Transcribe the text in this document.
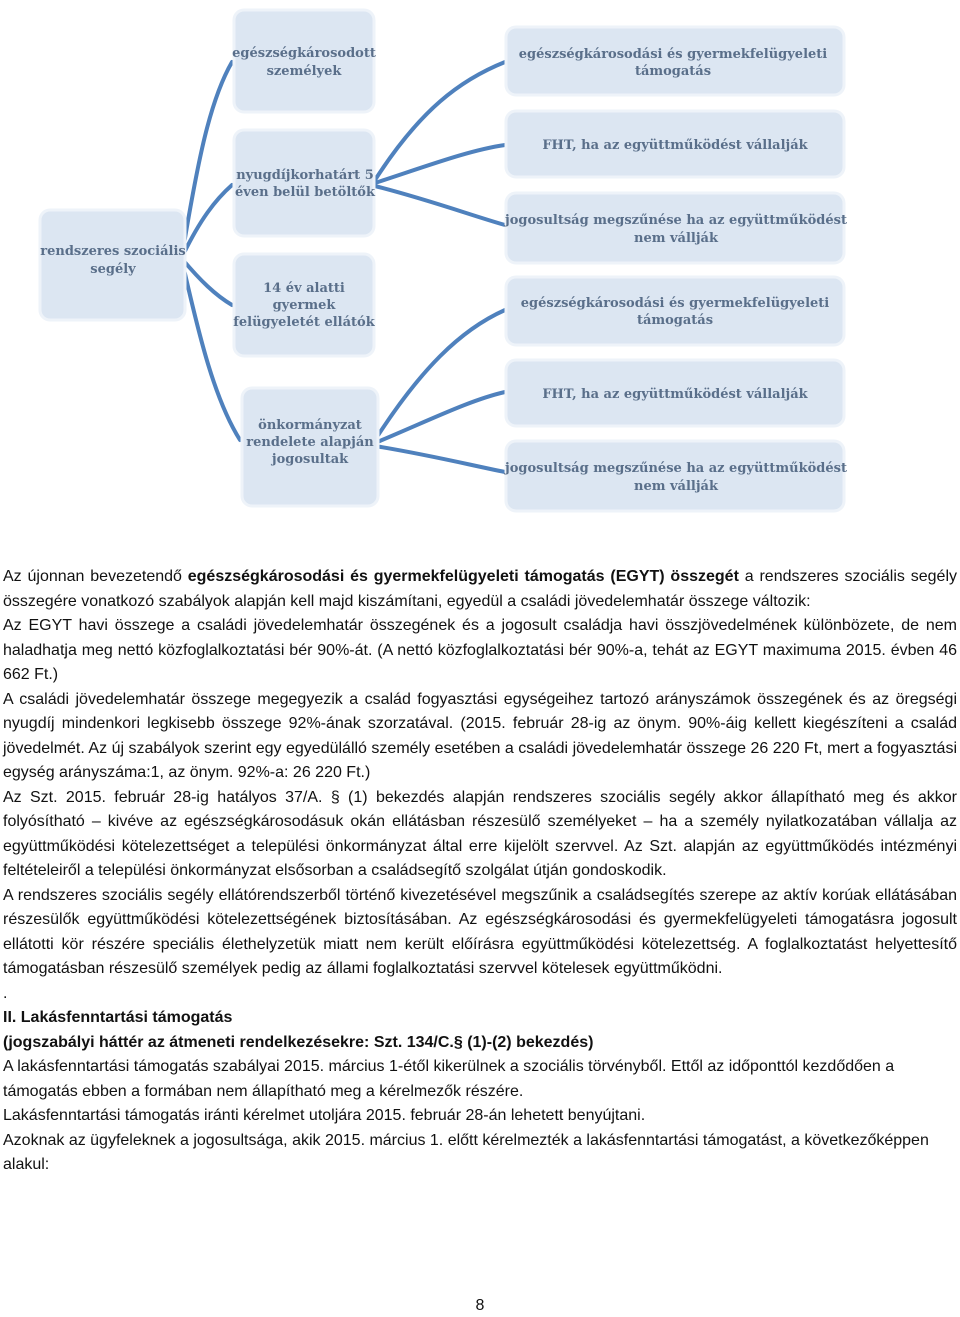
rendszeres szociális
segély
egészségkárosodott
személyek
nyugdíjkorhatárt 5
éven belül betöltők
14 év alatti
gyermek
felügyeletét ellátók
önkormányzat
rendelete alapján
jogosultak
egészségkárosodási és gyermekfelügyeleti
támogatás
FHT, ha az együttműködést vállalják
jogosultság megszűnése ha az együttműködést
nem vállják
egészségkárosodási és gyermekfelügyeleti
támogatás
FHT, ha az együttműködést vállalják
jogosultság megszűnése ha az együttműködést
nem vállják

Az újonnan bevezetendő egészségkárosodási és gyermekfelügyeleti támogatás (EGYT) összegét a rendszeres szociális segély összegére vonatkozó szabályok alapján kell majd kiszámítani, egyedül a családi jövedelemhatár összege változik:

Az EGYT havi összege a családi jövedelemhatár összegének és a jogosult családja havi összjövedelmének különbözete, de nem haladhatja meg nettó közfoglalkoztatási bér 90%-át. (A nettó közfoglalkoztatási bér 90%-a, tehát az EGYT maximuma 2015. évben 46 662 Ft.)

A családi jövedelemhatár összege megegyezik a család fogyasztási egységeihez tartozó arányszámok összegének és az öregségi nyugdíj mindenkori legkisebb összege 92%-ának szorzatával. (2015. február 28-ig az önym. 90%-áig kellett kiegészíteni a család jövedelmét. Az új szabályok szerint egy egyedülálló személy esetében a családi jövedelemhatár összege 26 220 Ft, mert a fogyasztási egység arányszáma:1, az önym. 92%-a: 26 220 Ft.)

Az Szt. 2015. február 28-ig hatályos 37/A. § (1) bekezdés alapján rendszeres szociális segély akkor állapítható meg és akkor folyósítható – kivéve az egészségkárosodásuk okán ellátásban részesülő személyeket – ha a személy nyilatkozatában vállalja az együttműködési kötelezettséget a települési önkormányzat által erre kijelölt szervvel. Az Szt. alapján az együttműködés intézményi feltételeiről a települési önkormányzat elsősorban a családsegítő szolgálat útján gondoskodik.

A rendszeres szociális segély ellátórendszerből történő kivezetésével megszűnik a családsegítés szerepe az aktív korúak ellátásában részesülők együttműködési kötelezettségének biztosításában. Az egészségkárosodási és gyermekfelügyeleti támogatásra jogosult ellátotti kör részére speciális élethelyzetük miatt nem került előírásra együttműködési kötelezettség. A foglalkoztatást helyettesítő támogatásban részesülő személyek pedig az állami foglalkoztatási szervvel kötelesek együttműködni.

.

II. Lakásfenntartási támogatás

(jogszabályi háttér az átmeneti rendelkezésekre: Szt. 134/C.§ (1)-(2) bekezdés)

A lakásfenntartási támogatás szabályai 2015. március 1-étől kikerülnek a szociális törvényből. Ettől az időponttól kezdődően a támogatás ebben a formában nem állapítható meg a kérelmezők részére.

Lakásfenntartási támogatás iránti kérelmet utoljára 2015. február 28-án lehetett benyújtani.

Azoknak az ügyfeleknek a jogosultsága, akik 2015. március 1. előtt kérelmezték a lakásfenntartási támogatást, a következőképpen alakul:

8
